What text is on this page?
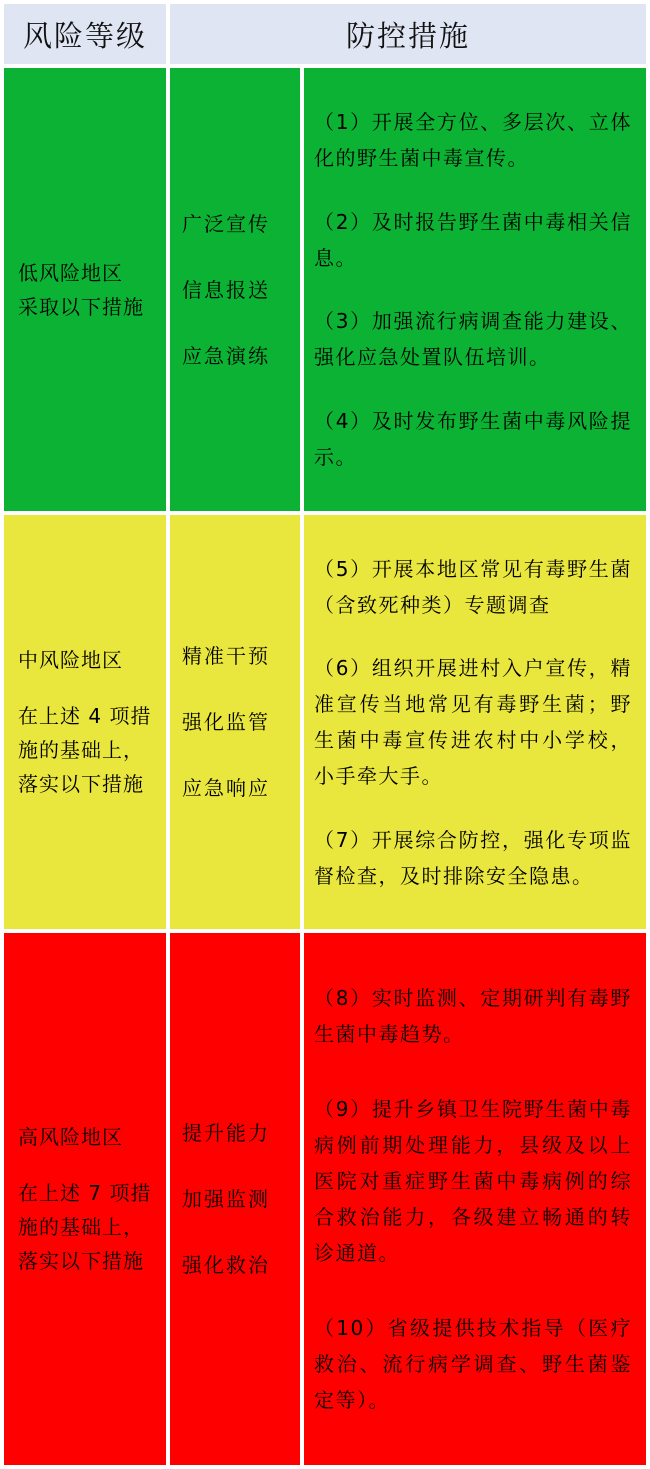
风险等级	防控措施
低风险地区
采取以下措施
广泛宣传
信息报送
应急演练
（1）开展全方位、多层次、立体化的野生菌中毒宣传。
（2）及时报告野生菌中毒相关信息。
（3）加强流行病调查能力建设、强化应急处置队伍培训。
（4）及时发布野生菌中毒风险提示。
中风险地区
在上述 4 项措施的基础上，落实以下措施
精准干预
强化监管
应急响应
（5）开展本地区常见有毒野生菌（含致死种类）专题调查
（6）组织开展进村入户宣传，精准宣传当地常见有毒野生菌；野生菌中毒宣传进农村中小学校，小手牵大手。
（7）开展综合防控，强化专项监督检查，及时排除安全隐患。
高风险地区
在上述 7 项措施的基础上，落实以下措施
提升能力
加强监测
强化救治
（8）实时监测、定期研判有毒野生菌中毒趋势。
（9）提升乡镇卫生院野生菌中毒病例前期处理能力，县级及以上医院对重症野生菌中毒病例的综合救治能力，各级建立畅通的转诊通道。
（10）省级提供技术指导（医疗救治、流行病学调查、野生菌鉴定等）。
